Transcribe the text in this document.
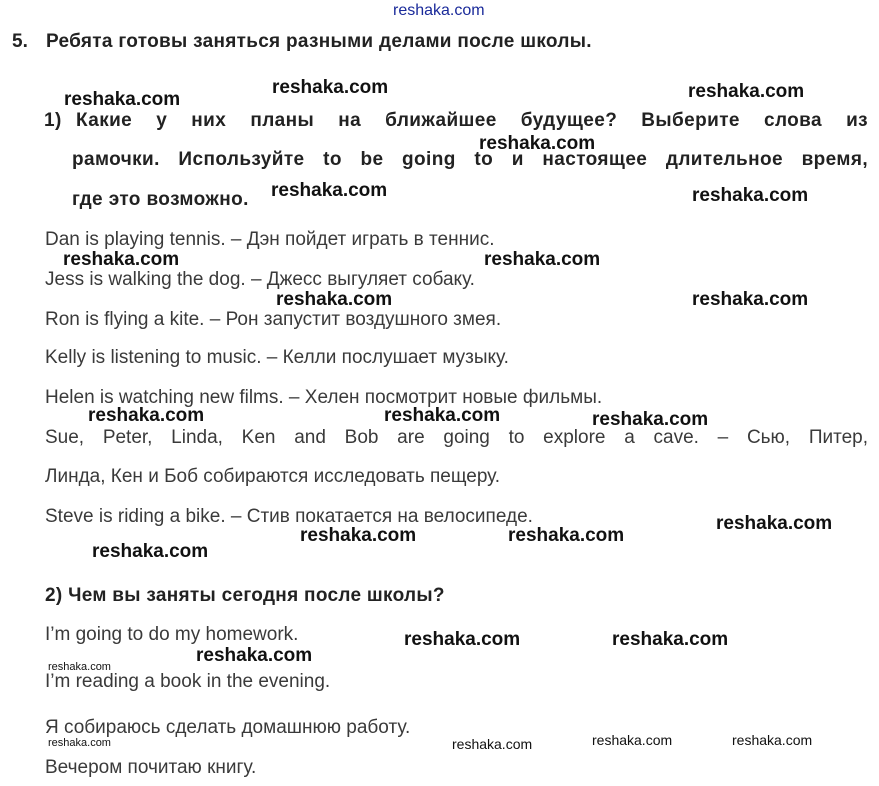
reshaka.com
5. Ребята готовы заняться разными делами после школы.
1) Какие у них планы на ближайшее будущее? Выберите слова из
рамочки. Используйте to be going to и настоящее длительное время,
где это возможно.
Dan is playing tennis. – Дэн пойдет играть в теннис.
Jess is walking the dog. – Джесс выгуляет собаку.
Ron is flying a kite. – Рон запустит воздушного змея.
Kelly is listening to music. – Келли послушает музыку.
Helen is watching new films. – Хелен посмотрит новые фильмы.
Sue, Peter, Linda, Ken and Bob are going to explore a cave. – Сью, Питер,
Линда, Кен и Боб собираются исследовать пещеру.
Steve is riding a bike. – Стив покатается на велосипеде.
2) Чем вы заняты сегодня после школы?
I’m going to do my homework.
I’m reading a book in the evening.
Я собираюсь сделать домашнюю работу.
Вечером почитаю книгу.
reshaka.com
reshaka.com	reshaka.com
reshaka.com
reshaka.com	reshaka.com
reshaka.com	reshaka.com
reshaka.com	reshaka.com
reshaka.com	reshaka.com	reshaka.com
reshaka.com
reshaka.com	reshaka.com
reshaka.com
reshaka.com	reshaka.com
reshaka.com
reshaka.com
reshaka.com	reshaka.com	reshaka.com	reshaka.com
